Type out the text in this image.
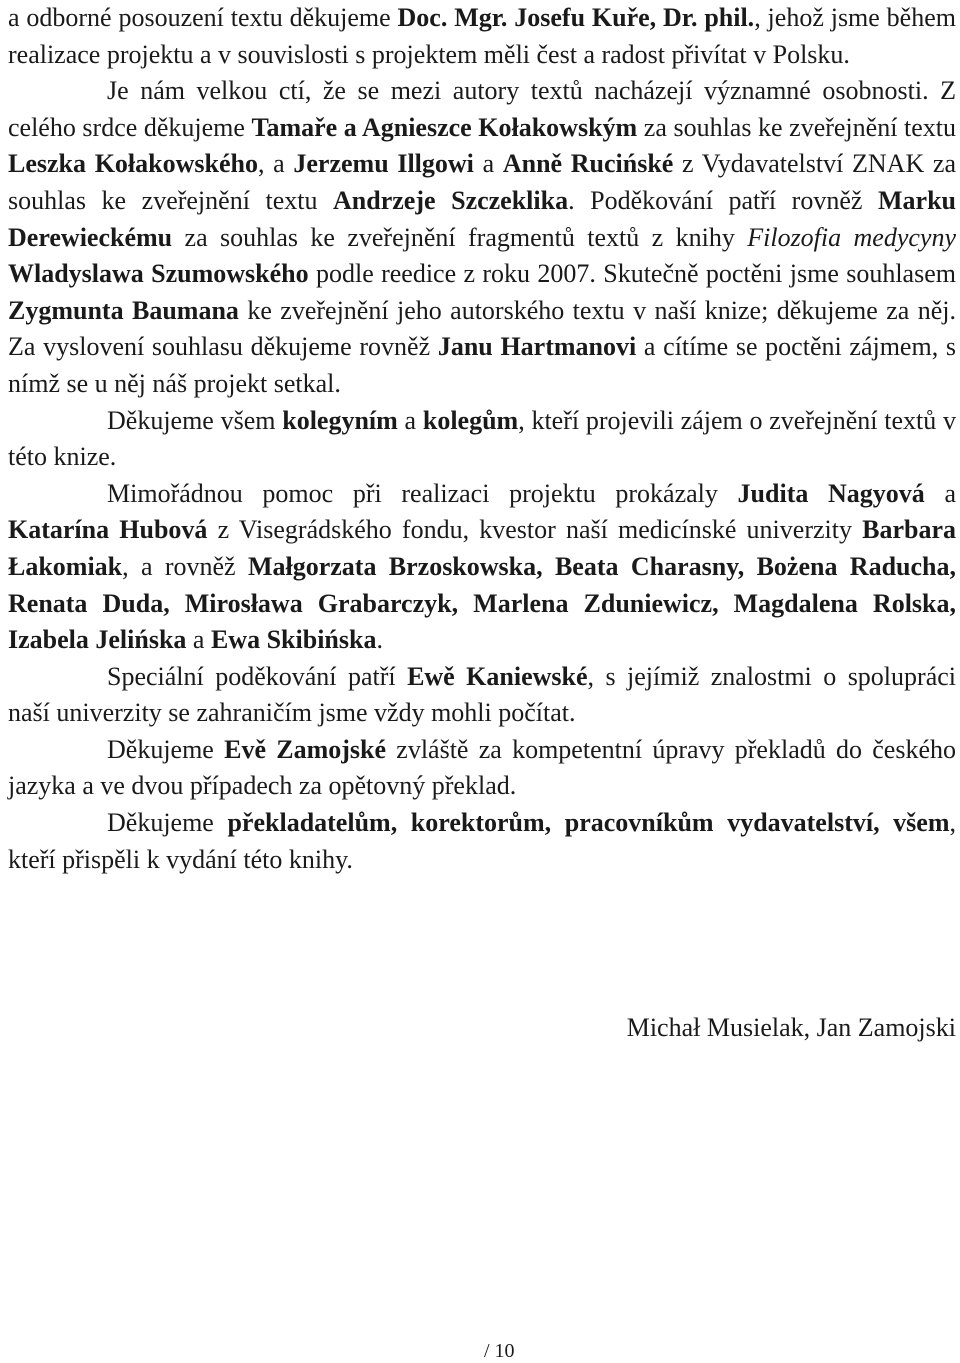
a odborné posouzení textu děkujeme Doc. Mgr. Josefu Kuře, Dr. phil., jehož jsme během realizace projektu a v souvislosti s projektem měli čest a radost přivítat v Polsku.

Je nám velkou ctí, že se mezi autory textů nacházejí významné osobnosti. Z celého srdce děkujeme Tamaře a Agnieszce Kołakowským za souhlas ke zveřejnění textu Leszka Kołakowského, a Jerzemu Illgowi a Anně Rucińské z Vydavatelství ZNAK za souhlas ke zveřejnění textu Andrzeje Szczeklika. Poděkování patří rovněž Marku Derewieckému za souhlas ke zveřejnění fragmentů textů z knihy Filozofia medycyny Wladyslawa Szumowského podle reedice z roku 2007. Skutečně poctěni jsme souhlasem Zygmunta Baumana ke zveřejnění jeho autorského textu v naší knize; děkujeme za něj. Za vyslovení souhlasu děkujeme rovněž Janu Hartmanovi a cítíme se poctěni zájmem, s nímž se u něj náš projekt setkal.

Děkujeme všem kolegyním a kolegům, kteří projevili zájem o zveřejnění textů v této knize.

Mimořádnou pomoc při realizaci projektu prokázaly Judita Nagyová a Katarína Hubová z Visegrádského fondu, kvestor naší medicínské univerzity Barbara Łakomiak, a rovněž Małgorzata Brzoskowska, Beata Charasny, Bożena Raducha, Renata Duda, Mirosława Grabarczyk, Marlena Zduniewicz, Magdalena Rolska, Izabela Jelińska a Ewa Skibińska.

Speciální poděkování patří Ewě Kaniewské, s jejímiž znalostmi o spolupráci naší univerzity se zahraničím jsme vždy mohli počítat.

Děkujeme Evě Zamojské zvláště za kompetentní úpravy překladů do českého jazyka a ve dvou případech za opětovný překlad.

Děkujeme překladatelům, korektorům, pracovníkům vydavatelství, všem, kteří přispěli k vydání této knihy.

Michał Musielak, Jan Zamojski
/ 10
